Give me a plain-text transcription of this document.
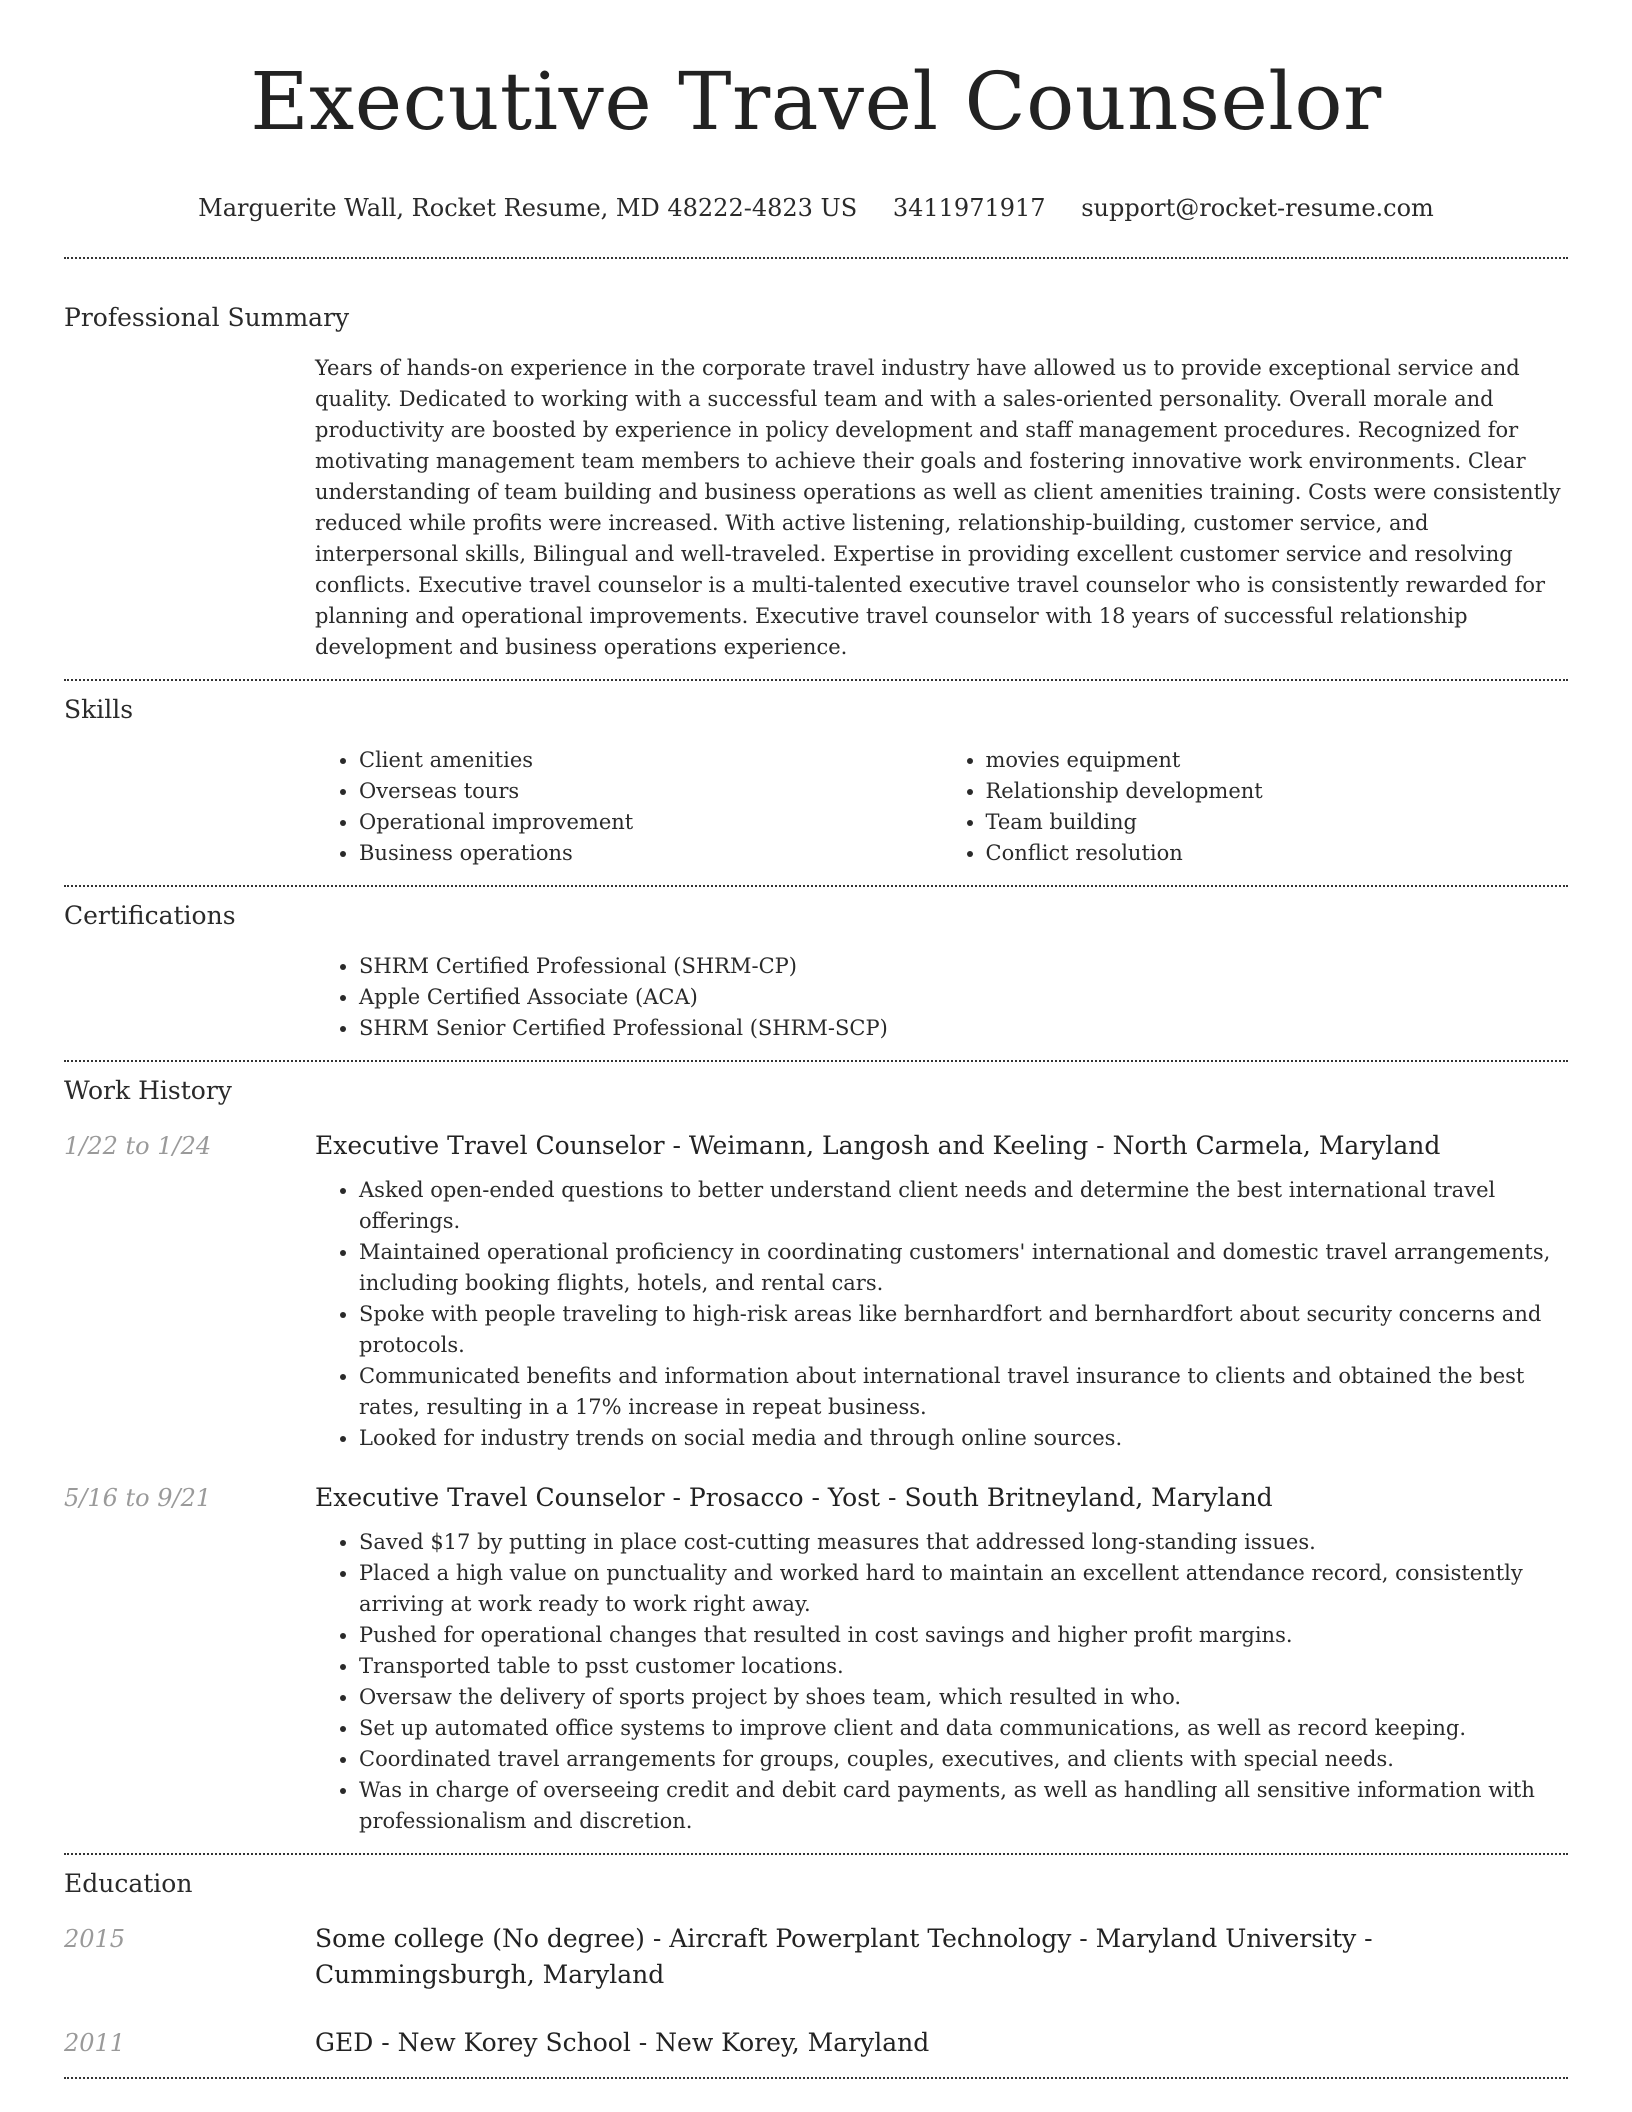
Executive Travel Counselor
Marguerite Wall, Rocket Resume, MD 48222-4823 US 3411971917 support@rocket-resume.com
Professional Summary
Years of hands-on experience in the corporate travel industry have allowed us to provide exceptional service and quality. Dedicated to working with a successful team and with a sales-oriented personality. Overall morale and productivity are boosted by experience in policy development and staff management procedures. Recognized for motivating management team members to achieve their goals and fostering innovative work environments. Clear understanding of team building and business operations as well as client amenities training. Costs were consistently reduced while profits were increased. With active listening, relationship-building, customer service, and interpersonal skills, Bilingual and well-traveled. Expertise in providing excellent customer service and resolving conflicts. Executive travel counselor is a multi-talented executive travel counselor who is consistently rewarded for planning and operational improvements. Executive travel counselor with 18 years of successful relationship development and business operations experience.
Skills
• Client amenities
• Overseas tours
• Operational improvement
• Business operations
• movies equipment
• Relationship development
• Team building
• Conflict resolution
Certifications
• SHRM Certified Professional (SHRM-CP)
• Apple Certified Associate (ACA)
• SHRM Senior Certified Professional (SHRM-SCP)
Work History
1/22 to 1/24	Executive Travel Counselor - Weimann, Langosh and Keeling - North Carmela, Maryland
• Asked open-ended questions to better understand client needs and determine the best international travel offerings.
• Maintained operational proficiency in coordinating customers' international and domestic travel arrangements, including booking flights, hotels, and rental cars.
• Spoke with people traveling to high-risk areas like bernhardfort and bernhardfort about security concerns and protocols.
• Communicated benefits and information about international travel insurance to clients and obtained the best rates, resulting in a 17% increase in repeat business.
• Looked for industry trends on social media and through online sources.
5/16 to 9/21	Executive Travel Counselor - Prosacco - Yost - South Britneyland, Maryland
• Saved $17 by putting in place cost-cutting measures that addressed long-standing issues.
• Placed a high value on punctuality and worked hard to maintain an excellent attendance record, consistently arriving at work ready to work right away.
• Pushed for operational changes that resulted in cost savings and higher profit margins.
• Transported table to psst customer locations.
• Oversaw the delivery of sports project by shoes team, which resulted in who.
• Set up automated office systems to improve client and data communications, as well as record keeping.
• Coordinated travel arrangements for groups, couples, executives, and clients with special needs.
• Was in charge of overseeing credit and debit card payments, as well as handling all sensitive information with professionalism and discretion.
Education
2015	Some college (No degree) - Aircraft Powerplant Technology - Maryland University - Cummingsburgh, Maryland
2011	GED - New Korey School - New Korey, Maryland
